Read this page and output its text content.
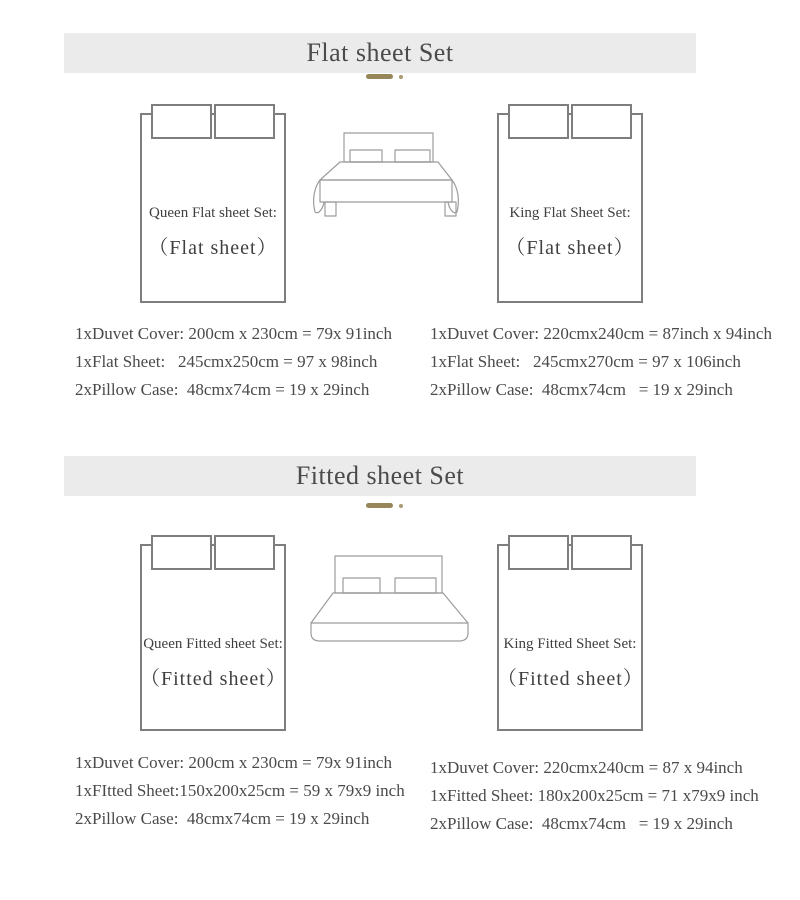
Flat sheet Set
Queen Flat sheet Set:
（Flat sheet）
King Flat Sheet Set:
（Flat sheet）
1xDuvet Cover: 200cm x 230cm = 79x 91inch
1xFlat Sheet:   245cmx250cm = 97 x 98inch
2xPillow Case:  48cmx74cm = 19 x 29inch
1xDuvet Cover: 220cmx240cm = 87inch x 94inch
1xFlat Sheet:   245cmx270cm = 97 x 106inch
2xPillow Case:  48cmx74cm   = 19 x 29inch
Fitted sheet Set
Queen Fitted sheet Set:
（Fitted sheet）
King Fitted Sheet Set:
（Fitted sheet）
1xDuvet Cover: 200cm x 230cm = 79x 91inch
1xFItted Sheet:150x200x25cm = 59 x 79x9 inch
2xPillow Case:  48cmx74cm = 19 x 29inch
1xDuvet Cover: 220cmx240cm = 87 x 94inch
1xFitted Sheet: 180x200x25cm = 71 x79x9 inch
2xPillow Case:  48cmx74cm   = 19 x 29inch
